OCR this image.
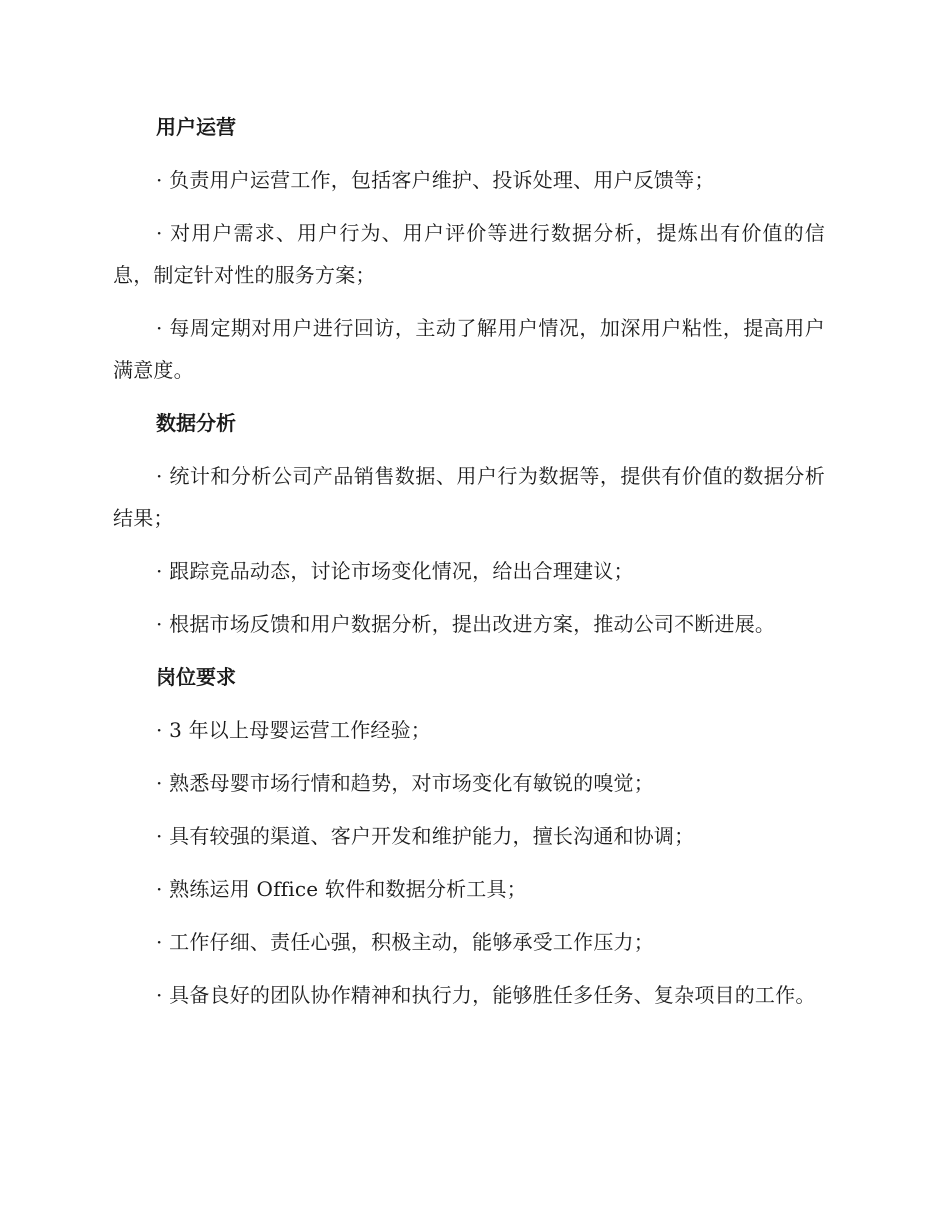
用户运营

· 负责用户运营工作，包括客户维护、投诉处理、用户反馈等；

· 对用户需求、用户行为、用户评价等进行数据分析，提炼出有价值的信息，制定针对性的服务方案；

· 每周定期对用户进行回访，主动了解用户情况，加深用户粘性，提高用户满意度。

数据分析

· 统计和分析公司产品销售数据、用户行为数据等，提供有价值的数据分析结果；

· 跟踪竞品动态，讨论市场变化情况，给出合理建议；

· 根据市场反馈和用户数据分析，提出改进方案，推动公司不断进展。

岗位要求

· 3 年以上母婴运营工作经验；

· 熟悉母婴市场行情和趋势，对市场变化有敏锐的嗅觉；

· 具有较强的渠道、客户开发和维护能力，擅长沟通和协调；

· 熟练运用 Office 软件和数据分析工具；

· 工作仔细、责任心强，积极主动，能够承受工作压力；

· 具备良好的团队协作精神和执行力，能够胜任多任务、复杂项目的工作。
